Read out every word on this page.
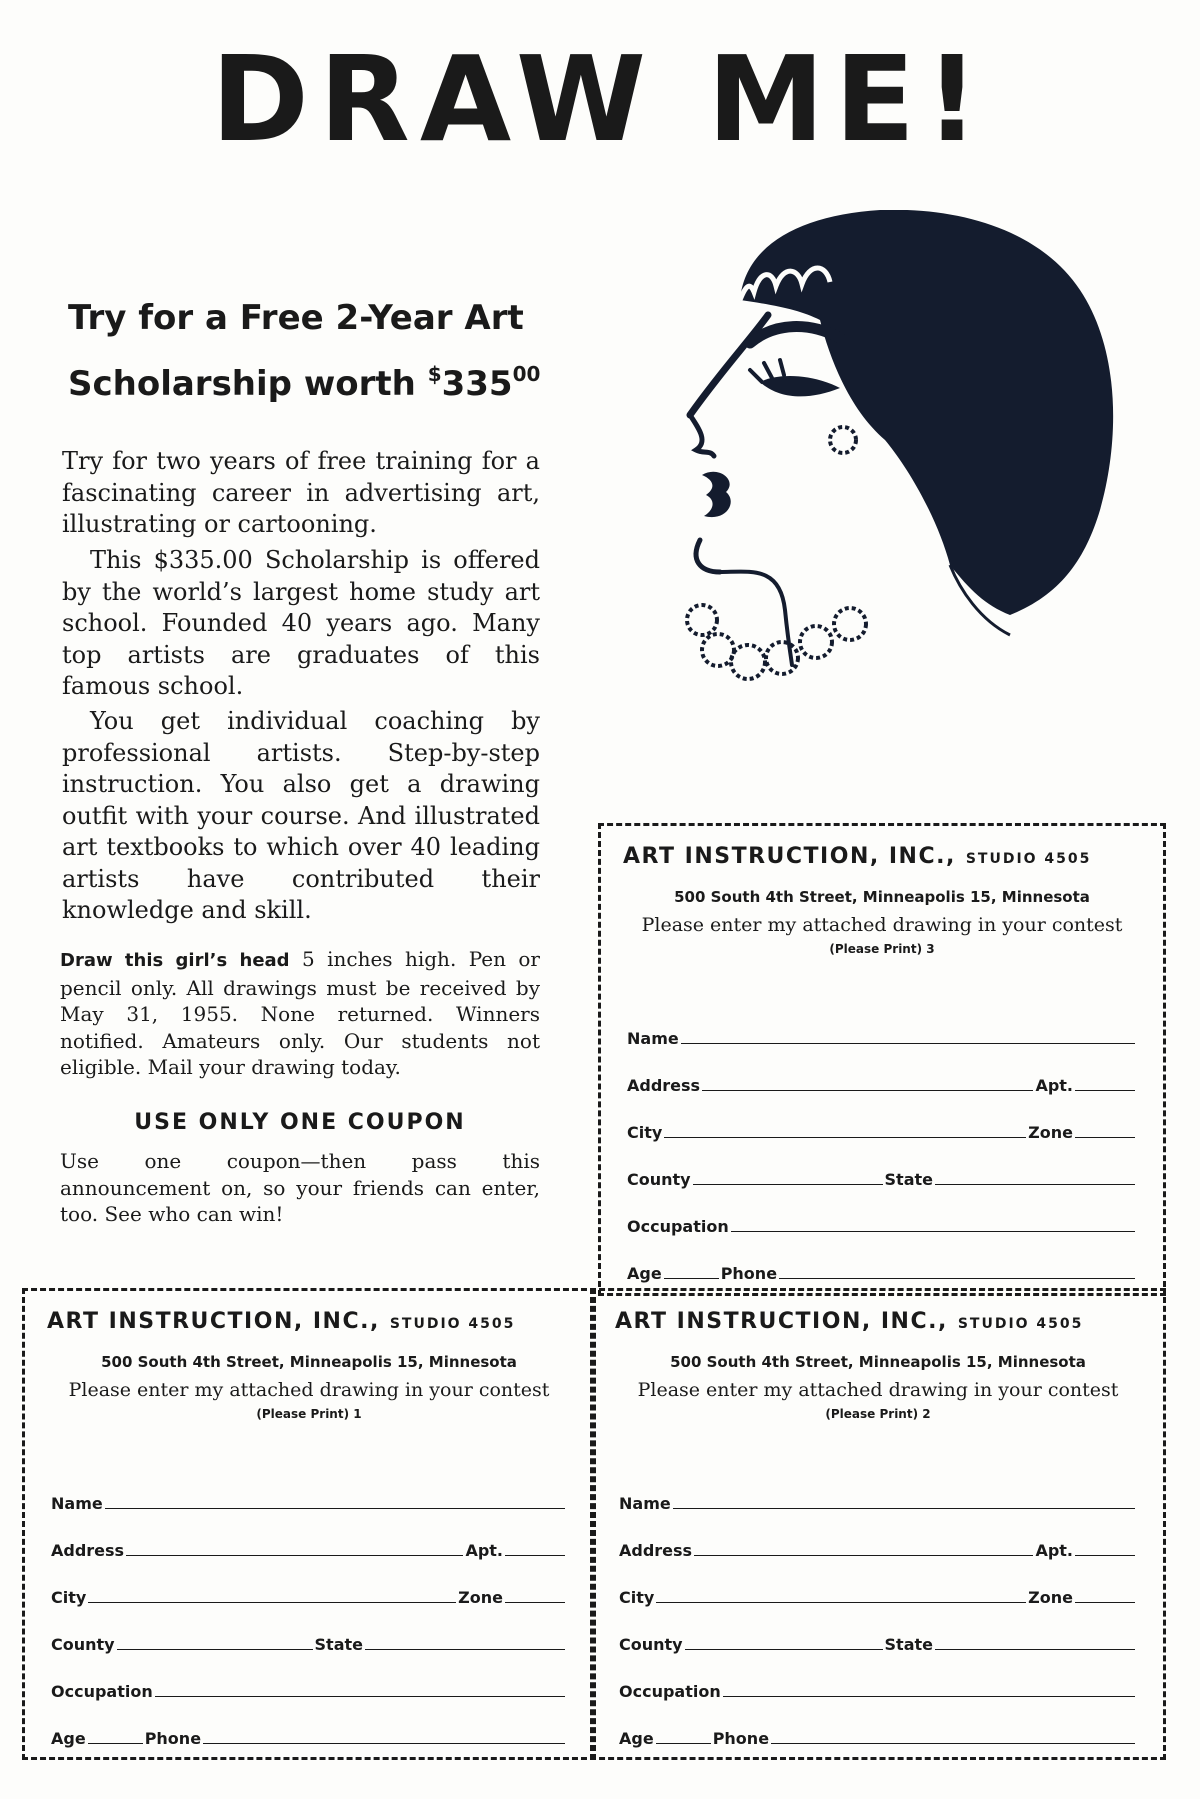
DRAW ME!
Try for a Free 2-Year Art
Scholarship worth $^{\$}335^{00}$

Try for two years of free training for a fascinating career in advertising art, illustrating or cartooning.

This $335.00 Scholarship is offered by the world’s largest home study art school. Founded 40 years ago. Many top artists are graduates of this famous school.

You get individual coaching by professional artists. Step-by-step instruction. You also get a drawing outfit with your course. And illustrated art textbooks to which over 40 leading artists have contributed their knowledge and skill.

Draw this girl’s head 5 inches high. Pen or pencil only. All drawings must be received by May 31, 1955. None returned. Winners notified. Amateurs only. Our students not eligible. Mail your drawing today.

USE ONLY ONE COUPON

Use one coupon—then pass this announcement on, so your friends can enter, too. See who can win!

ART INSTRUCTION, INC., STUDIO 4505
500 South 4th Street, Minneapolis 15, Minnesota
Please enter my attached drawing in your contest
(Please Print) 3
Name
Address	Apt.
City	Zone
County	State
Occupation
Age	Phone
ART INSTRUCTION, INC., STUDIO 4505
500 South 4th Street, Minneapolis 15, Minnesota
Please enter my attached drawing in your contest
(Please Print) 1
Name
Address	Apt.
City	Zone
County	State
Occupation
Age	Phone
ART INSTRUCTION, INC., STUDIO 4505
500 South 4th Street, Minneapolis 15, Minnesota
Please enter my attached drawing in your contest
(Please Print) 2
Name
Address	Apt.
City	Zone
County	State
Occupation
Age	Phone
